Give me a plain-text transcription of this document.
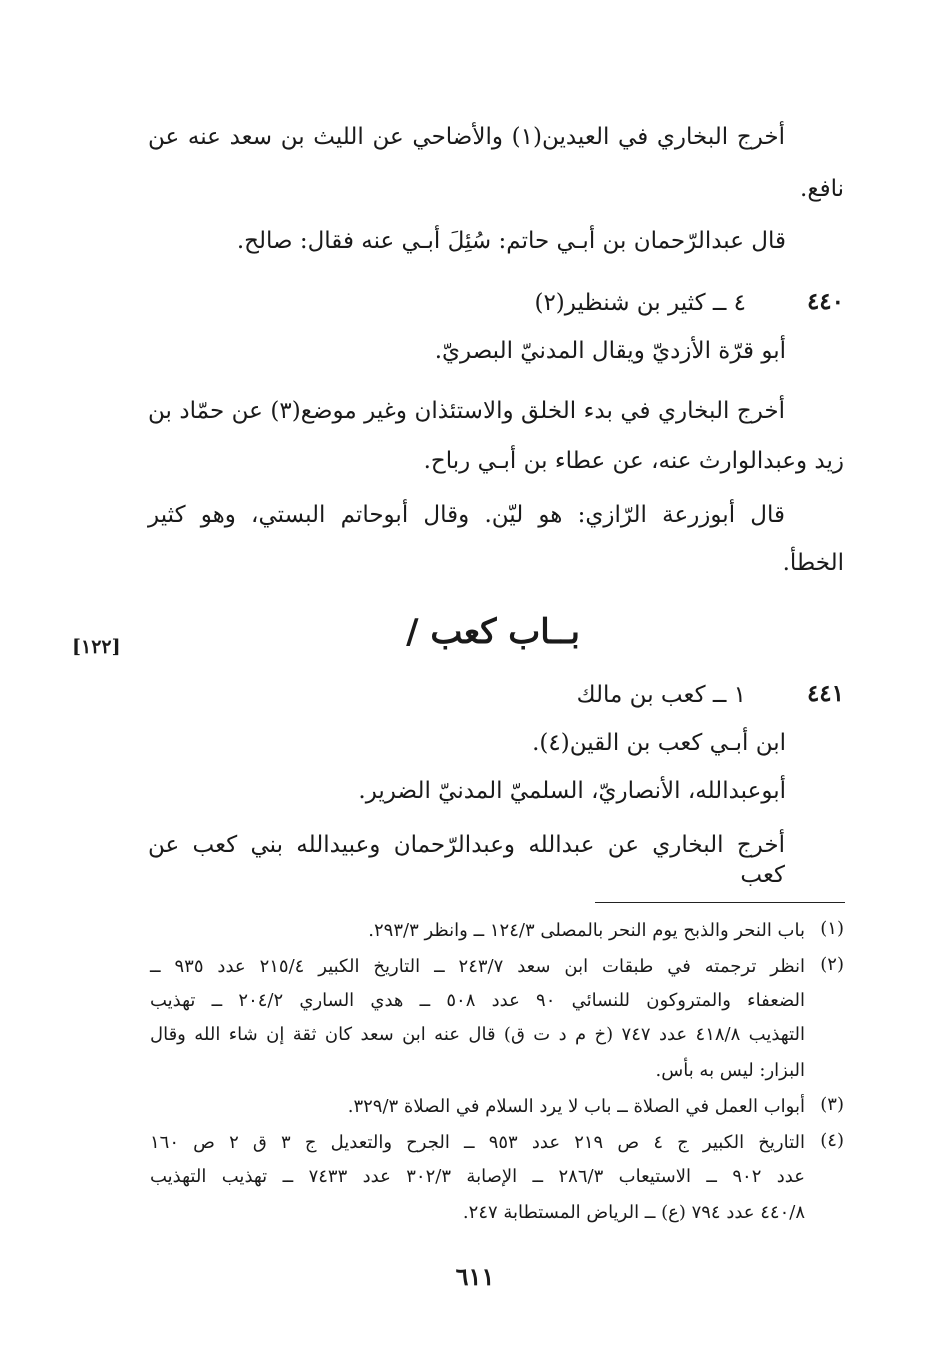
أخرج البخاري في العيدين(١) والأضاحي عن الليث بن سعد عنه عن
نافع.
قال عبدالرّحمان بن أبـي حاتم: سُئِلَ أبـي عنه فقال: صالح.
٤٤٠
٤ ــ كثير بن شنظير(٢)
أبو قرّة الأزديّ ويقال المدنيّ البصريّ.
أخرج البخاري في بدء الخلق والاستئذان وغير موضع(٣) عن حمّاد بن
زيد وعبدالوارث عنه، عن عطاء بن أبـي رباح.
قال أبوزرعة الرّازي: هو ليّن. وقال أبوحاتم البستي، وهو كثير
الخطأ.
بــاب كعب /
[١٢٢]
٤٤١
١ ــ كعب بن مالك
ابن أبـي كعب بن القين(٤).
أبوعبدالله، الأنصاريّ، السلميّ المدنيّ الضرير.
أخرج البخاري عن عبدالله وعبدالرّحمان وعبيدالله بني كعب عن كعب
(١)
باب النحر والذبح يوم النحر بالمصلى ١٢٤/٣ ــ وانظر ٢٩٣/٣.
(٢)
انظر ترجمته في طبقات ابن سعد ٢٤٣/٧ ــ التاريخ الكبير ٢١٥/٤ عدد ٩٣٥ ــ
الضعفاء والمتروكون للنسائي ٩٠ عدد ٥٠٨ ــ هدي الساري ٢٠٤/٢ ــ تهذيب
التهذيب ٤١٨/٨ عدد ٧٤٧ (خ م د ت ق) قال عنه ابن سعد كان ثقة إن شاء الله وقال
البزار: ليس به بأس.
(٣)
أبواب العمل في الصلاة ــ باب لا يرد السلام في الصلاة ٣٢٩/٣.
(٤)
التاريخ الكبير ج ٤ ص ٢١٩ عدد ٩٥٣ ــ الجرح والتعديل ج ٣ ق ٢ ص ١٦٠
عدد ٩٠٢ ــ الاستيعاب ٢٨٦/٣ ــ الإصابة ٣٠٢/٣ عدد ٧٤٣٣ ــ تهذيب التهذيب
٤٤٠/٨ عدد ٧٩٤ (ع) ــ الرياض المستطابة ٢٤٧.
٦١١
